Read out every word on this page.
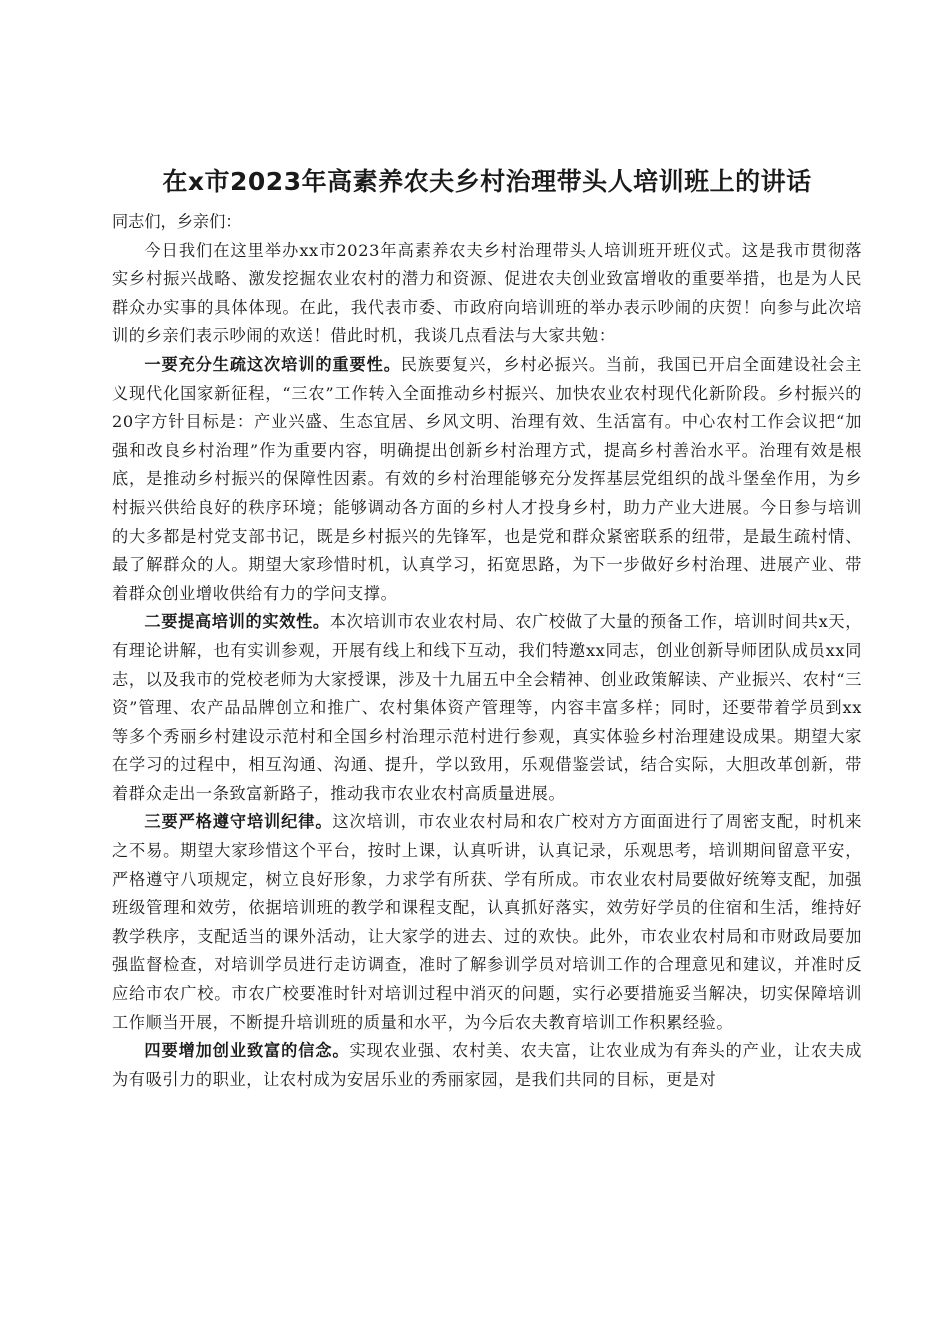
在x市2023年高素养农夫乡村治理带头人培训班上的讲话

同志们，乡亲们：

今日我们在这里举办xx市2023年高素养农夫乡村治理带头人培训班开班仪式。这是我市贯彻落实乡村振兴战略、激发挖掘农业农村的潜力和资源、促进农夫创业致富增收的重要举措，也是为人民群众办实事的具体体现。在此，我代表市委、市政府向培训班的举办表示吵闹的庆贺！向参与此次培训的乡亲们表示吵闹的欢送！借此时机，我谈几点看法与大家共勉：

一要充分生疏这次培训的重要性。民族要复兴，乡村必振兴。当前，我国已开启全面建设社会主义现代化国家新征程，“三农”工作转入全面推动乡村振兴、加快农业农村现代化新阶段。乡村振兴的20字方针目标是：产业兴盛、生态宜居、乡风文明、治理有效、生活富有。中心农村工作会议把“加强和改良乡村治理”作为重要内容，明确提出创新乡村治理方式，提高乡村善治水平。治理有效是根底，是推动乡村振兴的保障性因素。有效的乡村治理能够充分发挥基层党组织的战斗堡垒作用，为乡村振兴供给良好的秩序环境；能够调动各方面的乡村人才投身乡村，助力产业大进展。今日参与培训的大多都是村党支部书记，既是乡村振兴的先锋军，也是党和群众紧密联系的纽带，是最生疏村情、最了解群众的人。期望大家珍惜时机，认真学习，拓宽思路，为下一步做好乡村治理、进展产业、带着群众创业增收供给有力的学问支撑。

二要提高培训的实效性。本次培训市农业农村局、农广校做了大量的预备工作，培训时间共x天，有理论讲解，也有实训参观，开展有线上和线下互动，我们特邀xx同志，创业创新导师团队成员xx同志，以及我市的党校老师为大家授课，涉及十九届五中全会精神、创业政策解读、产业振兴、农村“三资”管理、农产品品牌创立和推广、农村集体资产管理等，内容丰富多样；同时，还要带着学员到xx等多个秀丽乡村建设示范村和全国乡村治理示范村进行参观，真实体验乡村治理建设成果。期望大家在学习的过程中，相互沟通、沟通、提升，学以致用，乐观借鉴尝试，结合实际，大胆改革创新，带着群众走出一条致富新路子，推动我市农业农村高质量进展。

三要严格遵守培训纪律。这次培训，市农业农村局和农广校对方方面面进行了周密支配，时机来之不易。期望大家珍惜这个平台，按时上课，认真听讲，认真记录，乐观思考，培训期间留意平安，严格遵守八项规定，树立良好形象，力求学有所获、学有所成。市农业农村局要做好统筹支配，加强班级管理和效劳，依据培训班的教学和课程支配，认真抓好落实，效劳好学员的住宿和生活，维持好教学秩序，支配适当的课外活动，让大家学的进去、过的欢快。此外，市农业农村局和市财政局要加强监督检查，对培训学员进行走访调查，准时了解参训学员对培训工作的合理意见和建议，并准时反应给市农广校。市农广校要准时针对培训过程中消灭的问题，实行必要措施妥当解决，切实保障培训工作顺当开展，不断提升培训班的质量和水平，为今后农夫教育培训工作积累经验。

四要增加创业致富的信念。实现农业强、农村美、农夫富，让农业成为有奔头的产业，让农夫成为有吸引力的职业，让农村成为安居乐业的秀丽家园，是我们共同的目标，更是对
